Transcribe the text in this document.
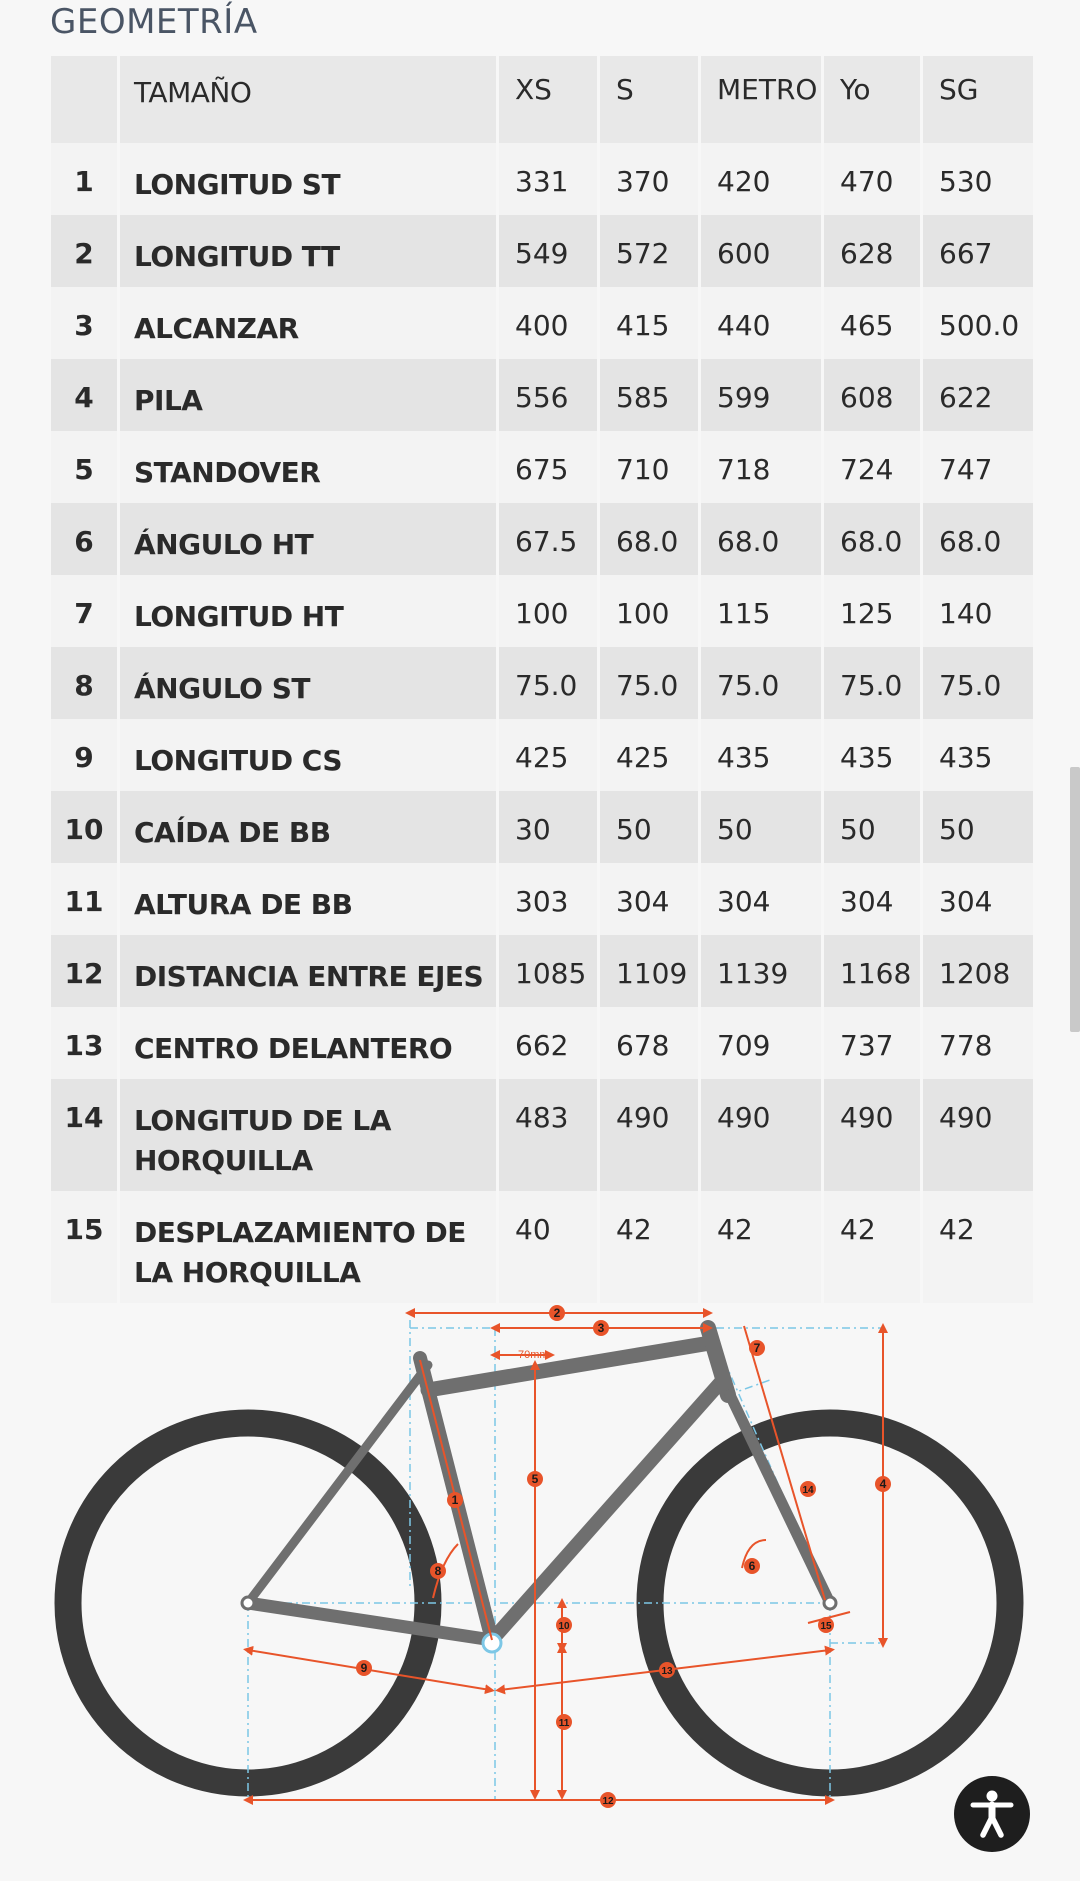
GEOMETRÍA
	TAMAÑO	XS	S	METRO	Yo	SG
1	LONGITUD ST	331	370	420	470	530
2	LONGITUD TT	549	572	600	628	667
3	ALCANZAR	400	415	440	465	500.0
4	PILA	556	585	599	608	622
5	STANDOVER	675	710	718	724	747
6	ÁNGULO HT	67.5	68.0	68.0	68.0	68.0
7	LONGITUD HT	100	100	115	125	140
8	ÁNGULO ST	75.0	75.0	75.0	75.0	75.0
9	LONGITUD CS	425	425	435	435	435
10	CAÍDA DE BB	30	50	50	50	50
11	ALTURA DE BB	303	304	304	304	304
12	DISTANCIA ENTRE EJES	1085	1109	1139	1168	1208
13	CENTRO DELANTERO	662	678	709	737	778
14	LONGITUD DE LA HORQUILLA	483	490	490	490	490
15	DESPLAZAMIENTO DE LA HORQUILLA	40	42	42	42	42
70mm
1
2
3
4
5
6
7
8
9
10
11
12
13
14
15
